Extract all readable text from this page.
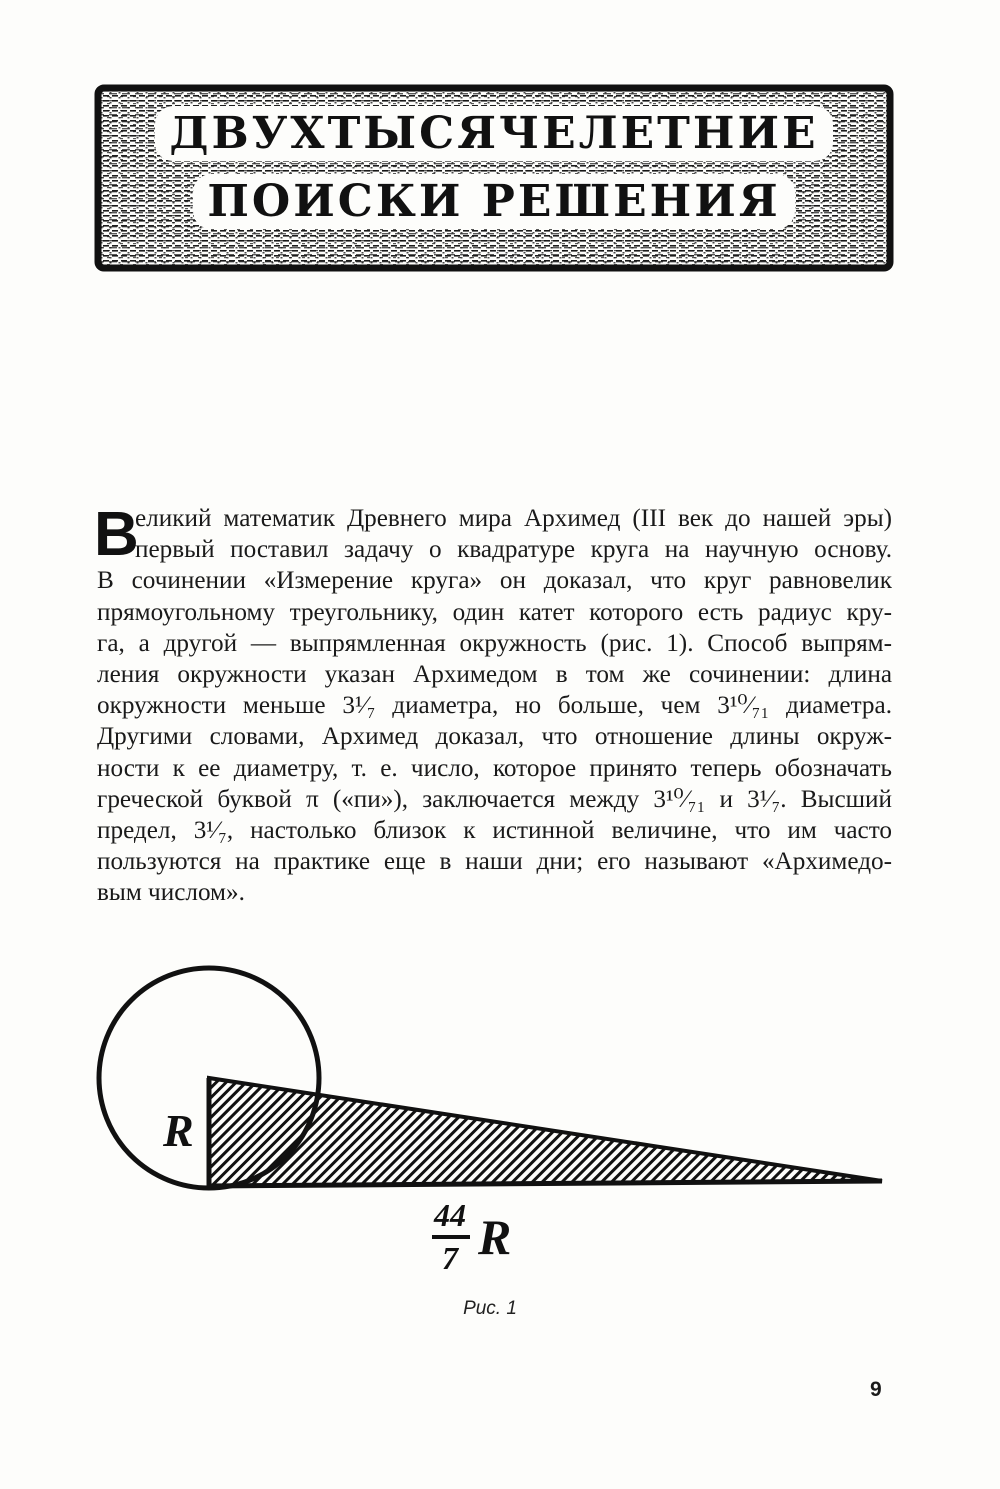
ДВУХТЫСЯЧЕЛЕТНИЕ
ПОИСКИ РЕШЕНИЯ
В
еликий математик Древнего мира Архимед (III век до нашей эры)
первый поставил задачу о квадратуре круга на научную основу.
В сочинении «Измерение круга» он доказал, что круг равновелик
прямоугольному треугольнику, один катет которого есть радиус кру-
га, а другой — выпрямленная окружность (рис. 1). Способ выпрям-
ления окружности указан Архимедом в том же сочинении: длина
окружности меньше 3¹⁄₇ диаметра, но больше, чем 3¹⁰⁄₇₁ диаметра.
Другими словами, Архимед доказал, что отношение длины окруж-
ности к ее диаметру, т. е. число, которое принято теперь обозначать
греческой буквой π («пи»), заключается между 3¹⁰⁄₇₁ и 3¹⁄₇. Высший
предел, 3¹⁄₇, настолько близок к истинной величине, что им часто
пользуются на практике еще в наши дни; его называют «Архимедо-
вым числом».
R
44
7 R
Рис. 1
9
